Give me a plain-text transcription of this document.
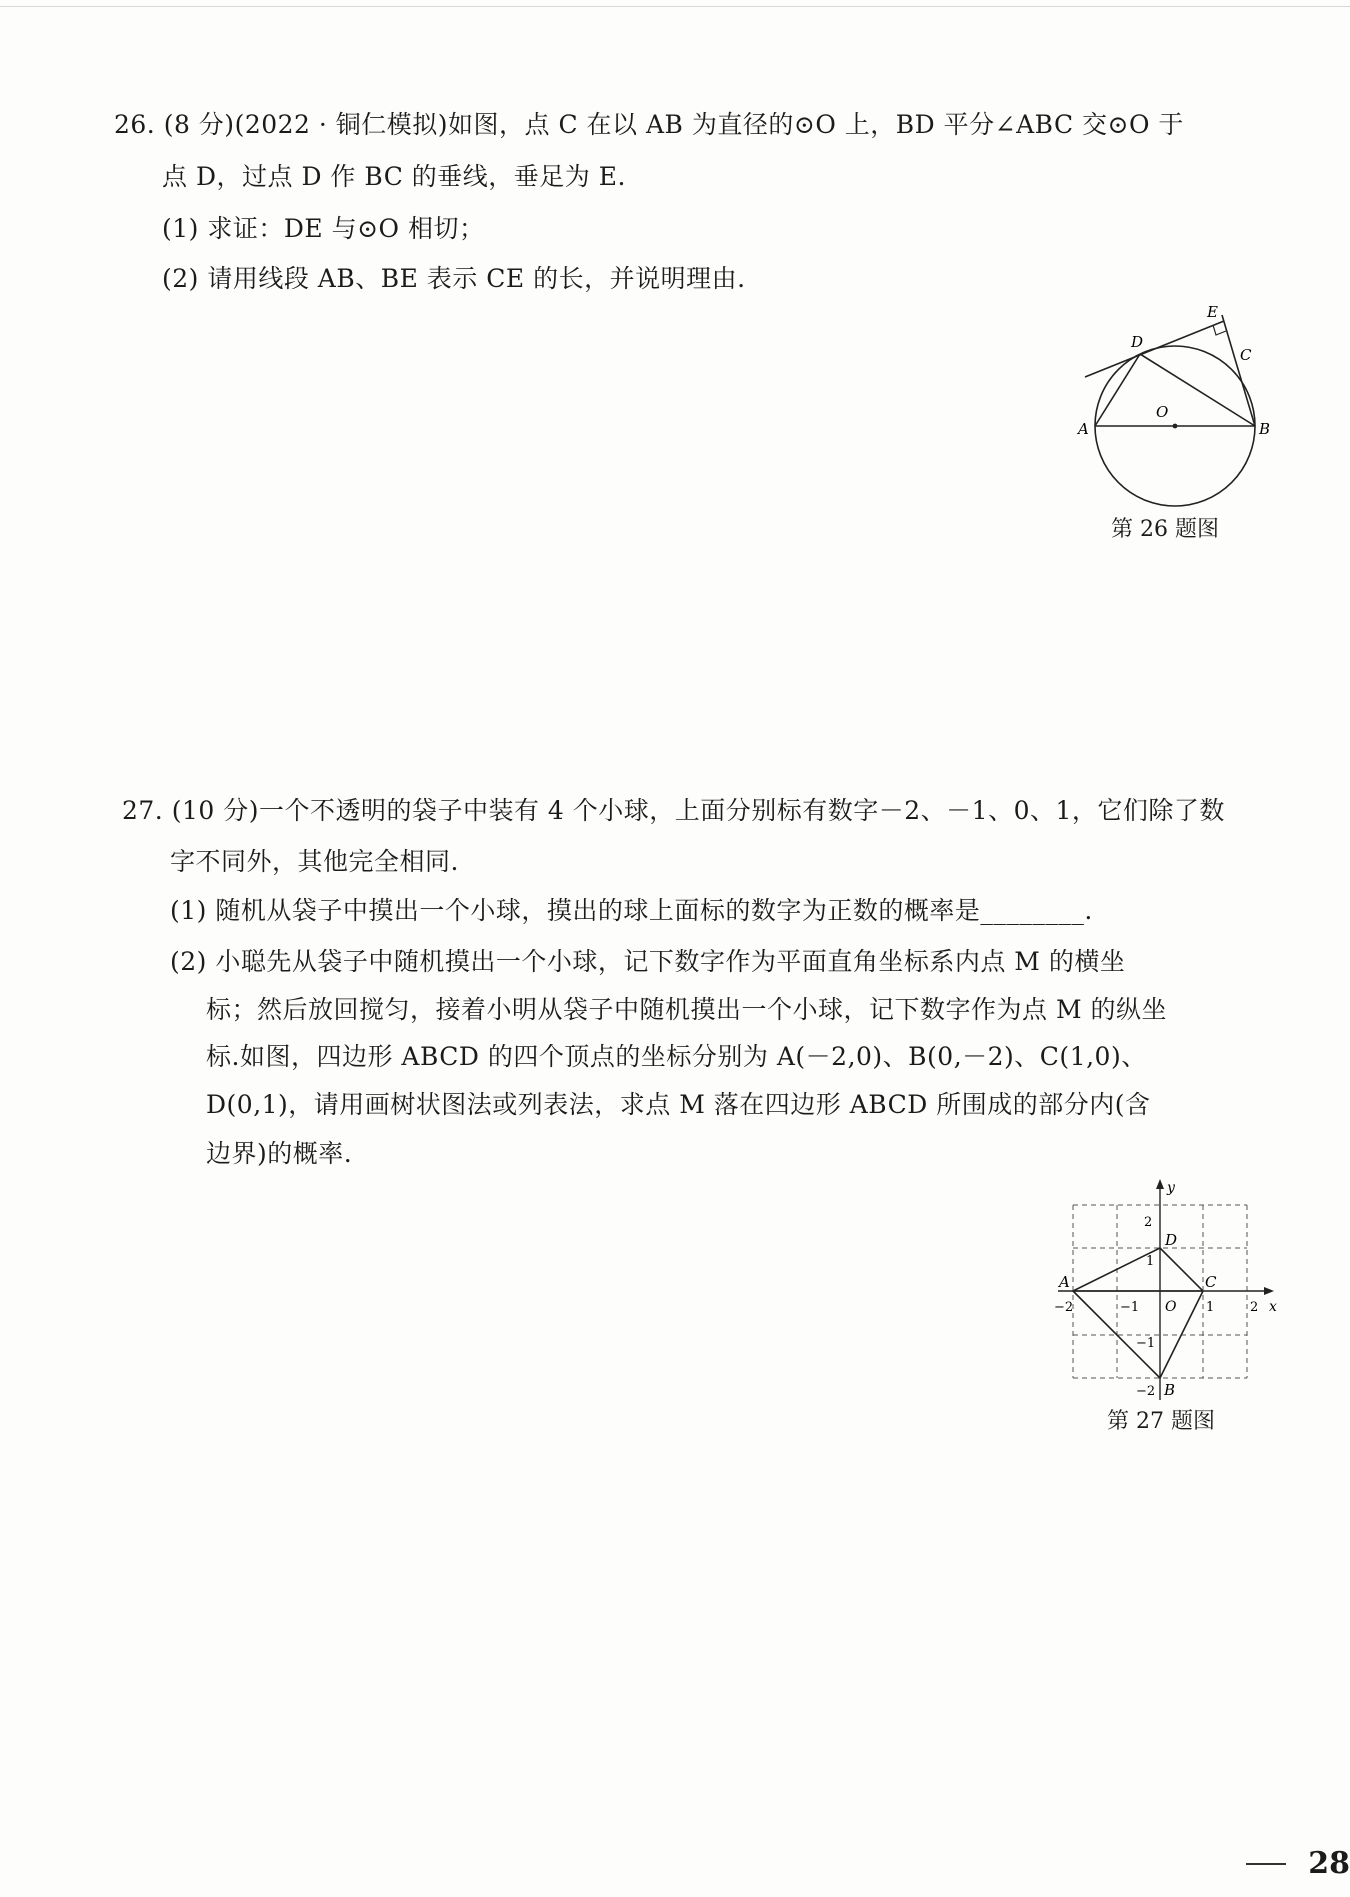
26. (8 分)(2022 · 铜仁模拟)如图，点 C 在以 AB 为直径的⊙O 上，BD 平分∠ABC 交⊙O 于
点 D，过点 D 作 BC 的垂线，垂足为 E.
(1) 求证：DE 与⊙O 相切；
(2) 请用线段 AB、BE 表示 CE 的长，并说明理由.
A	B
C
D
E
O
第 26 题图
27. (10 分)一个不透明的袋子中装有 4 个小球，上面分别标有数字－2、－1、0、1，它们除了数
字不同外，其他完全相同.
(1) 随机从袋子中摸出一个小球，摸出的球上面标的数字为正数的概率是________.
(2) 小聪先从袋子中随机摸出一个小球，记下数字作为平面直角坐标系内点 M 的横坐
标；然后放回搅匀，接着小明从袋子中随机摸出一个小球，记下数字作为点 M 的纵坐
标.如图，四边形 ABCD 的四个顶点的坐标分别为 A(－2,0)、B(0,－2)、C(1,0)、
D(0,1)，请用画树状图法或列表法，求点 M 落在四边形 ABCD 所围成的部分内(含
边界)的概率.
x
y
O
−2	−1	1	2
2
1
−1
−2
A
B
C
D
第 27 题图
28
